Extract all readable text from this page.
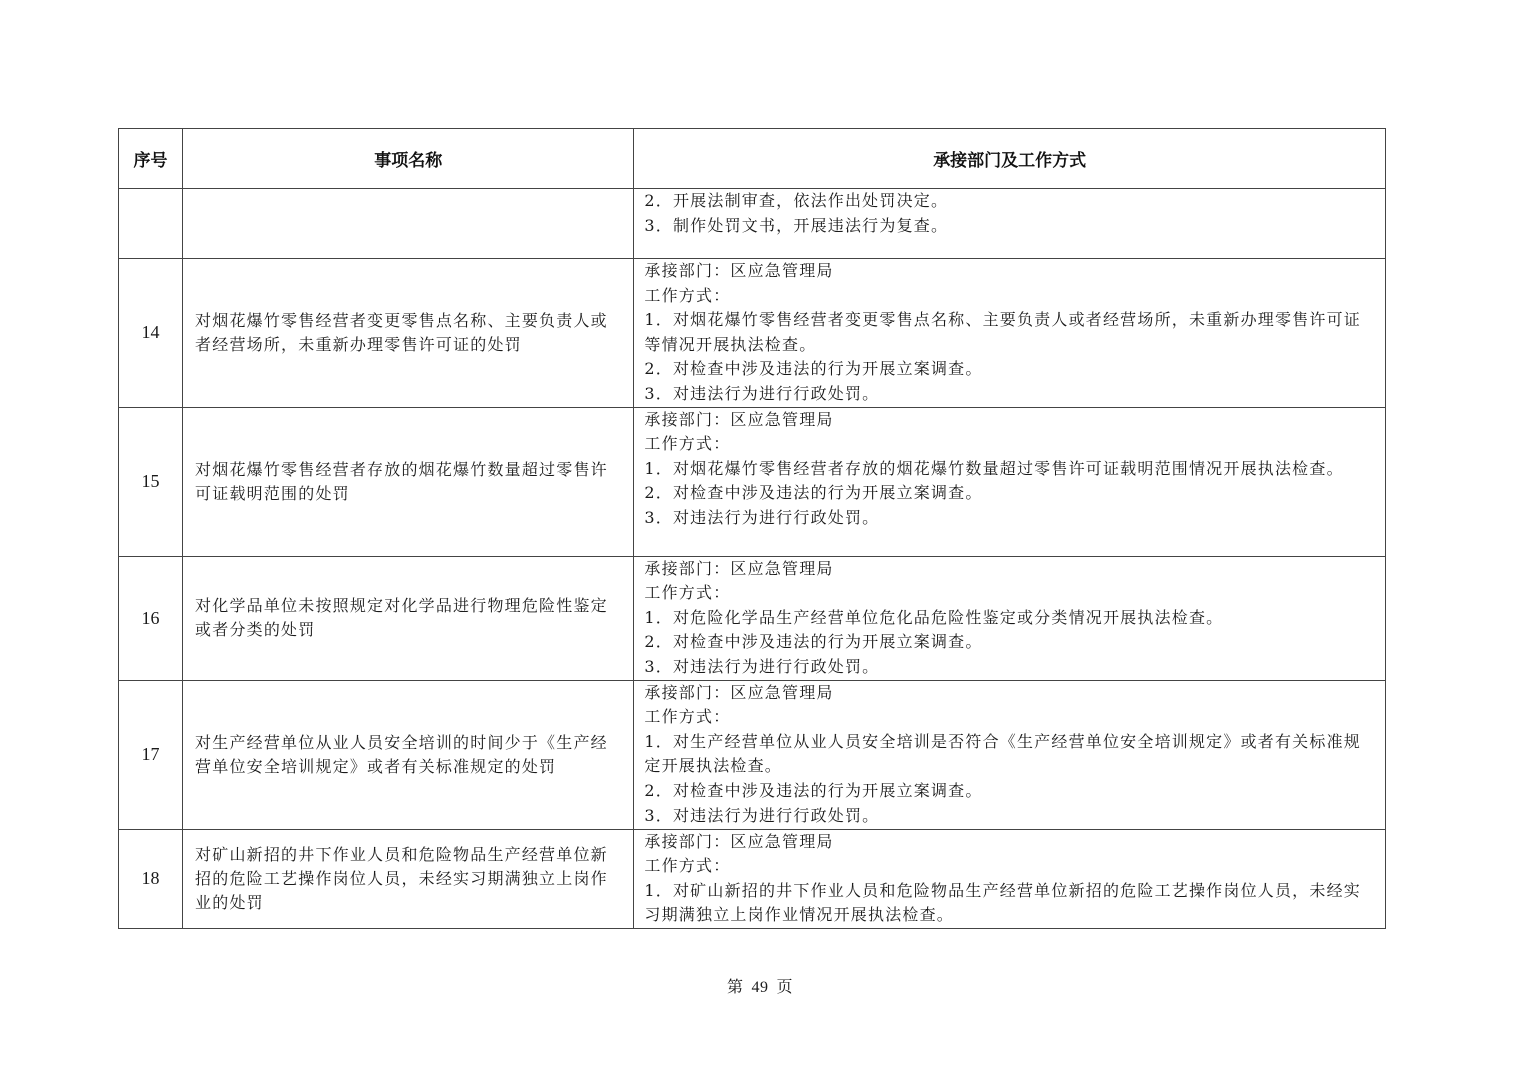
序号	事项名称	承接部门及工作方式

		2．开展法制审查，依法作出处罚决定。
3．制作处罚文书，开展违法行为复查。

14	对烟花爆竹零售经营者变更零售点名称、主要负责人或者经营场所，未重新办理零售许可证的处罚	承接部门：区应急管理局
工作方式：
1．对烟花爆竹零售经营者变更零售点名称、主要负责人或者经营场所，未重新办理零售许可证等情况开展执法检查。
2．对检查中涉及违法的行为开展立案调查。
3．对违法行为进行行政处罚。

15	对烟花爆竹零售经营者存放的烟花爆竹数量超过零售许可证载明范围的处罚	承接部门：区应急管理局
工作方式：
1．对烟花爆竹零售经营者存放的烟花爆竹数量超过零售许可证载明范围情况开展执法检查。
2．对检查中涉及违法的行为开展立案调查。
3．对违法行为进行行政处罚。

16	对化学品单位未按照规定对化学品进行物理危险性鉴定或者分类的处罚	承接部门：区应急管理局
工作方式：
1．对危险化学品生产经营单位危化品危险性鉴定或分类情况开展执法检查。
2．对检查中涉及违法的行为开展立案调查。
3．对违法行为进行行政处罚。

17	对生产经营单位从业人员安全培训的时间少于《生产经营单位安全培训规定》或者有关标准规定的处罚	承接部门：区应急管理局
工作方式：
1．对生产经营单位从业人员安全培训是否符合《生产经营单位安全培训规定》或者有关标准规定开展执法检查。
2．对检查中涉及违法的行为开展立案调查。
3．对违法行为进行行政处罚。

18	对矿山新招的井下作业人员和危险物品生产经营单位新招的危险工艺操作岗位人员，未经实习期满独立上岗作业的处罚	承接部门：区应急管理局
工作方式：
1．对矿山新招的井下作业人员和危险物品生产经营单位新招的危险工艺操作岗位人员，未经实习期满独立上岗作业情况开展执法检查。
第 49 页
